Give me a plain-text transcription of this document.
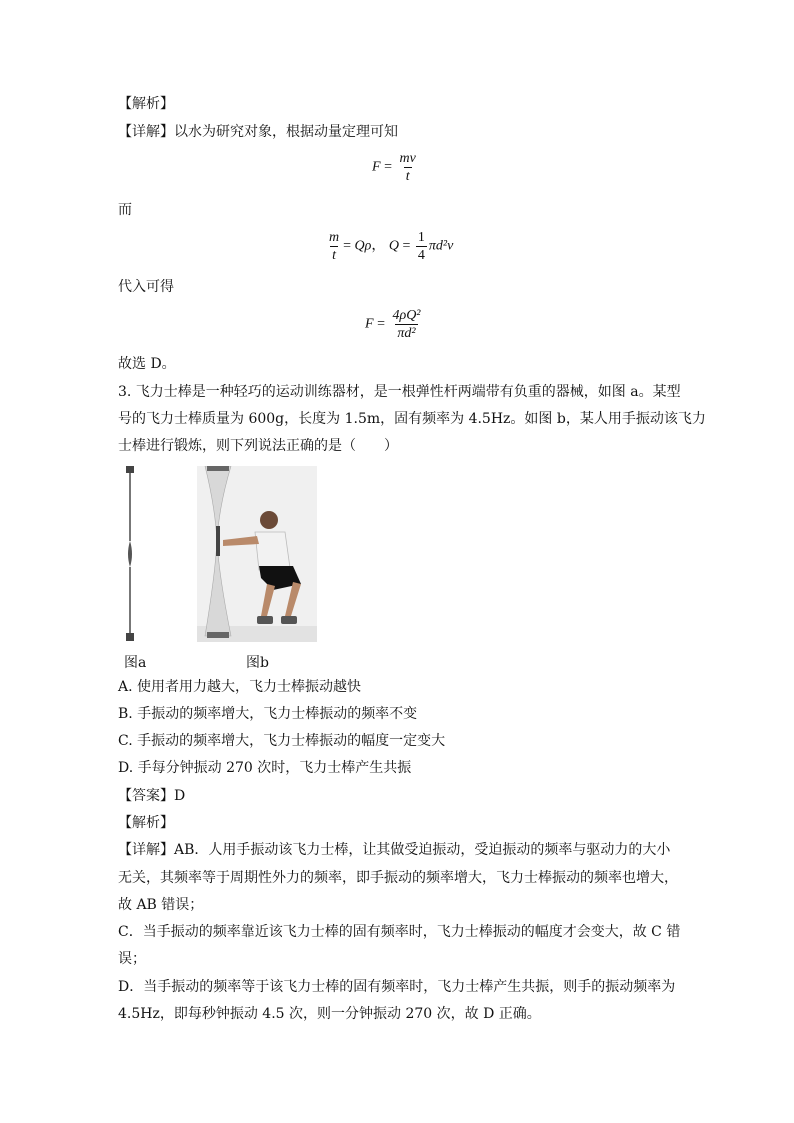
【解析】
【详解】以水为研究对象，根据动量定理可知
$F = \frac{mv}{t}$
而
$\frac{m}{t} = Q\rho$， $Q = \frac{1}{4} \pi d^2v$
代入可得
$F = \frac{\text{4ρQ²}}{\text{πd²}}$
故选 D。
3. 飞力士棒是一种轻巧的运动训练器材，是一根弹性杆两端带有负重的器械，如图 a。某型
号的飞力士棒质量为 600g，长度为 1.5m，固有频率为 4.5Hz。如图 b，某人用手振动该飞力
士棒进行锻炼，则下列说法正确的是（　　）
图a	图b
A. 使用者用力越大，飞力士棒振动越快
B. 手振动的频率增大，飞力士棒振动的频率不变
C. 手振动的频率增大，飞力士棒振动的幅度一定变大
D. 手每分钟振动 270 次时，飞力士棒产生共振
【答案】D
【解析】
【详解】AB．人用手振动该飞力士棒，让其做受迫振动，受迫振动的频率与驱动力的大小
无关，其频率等于周期性外力的频率，即手振动的频率增大，飞力士棒振动的频率也增大，
故 AB 错误；
C．当手振动的频率靠近该飞力士棒的固有频率时，飞力士棒振动的幅度才会变大，故 C 错
误；
D．当手振动的频率等于该飞力士棒的固有频率时，飞力士棒产生共振，则手的振动频率为
4.5Hz，即每秒钟振动 4.5 次，则一分钟振动 270 次，故 D 正确。
